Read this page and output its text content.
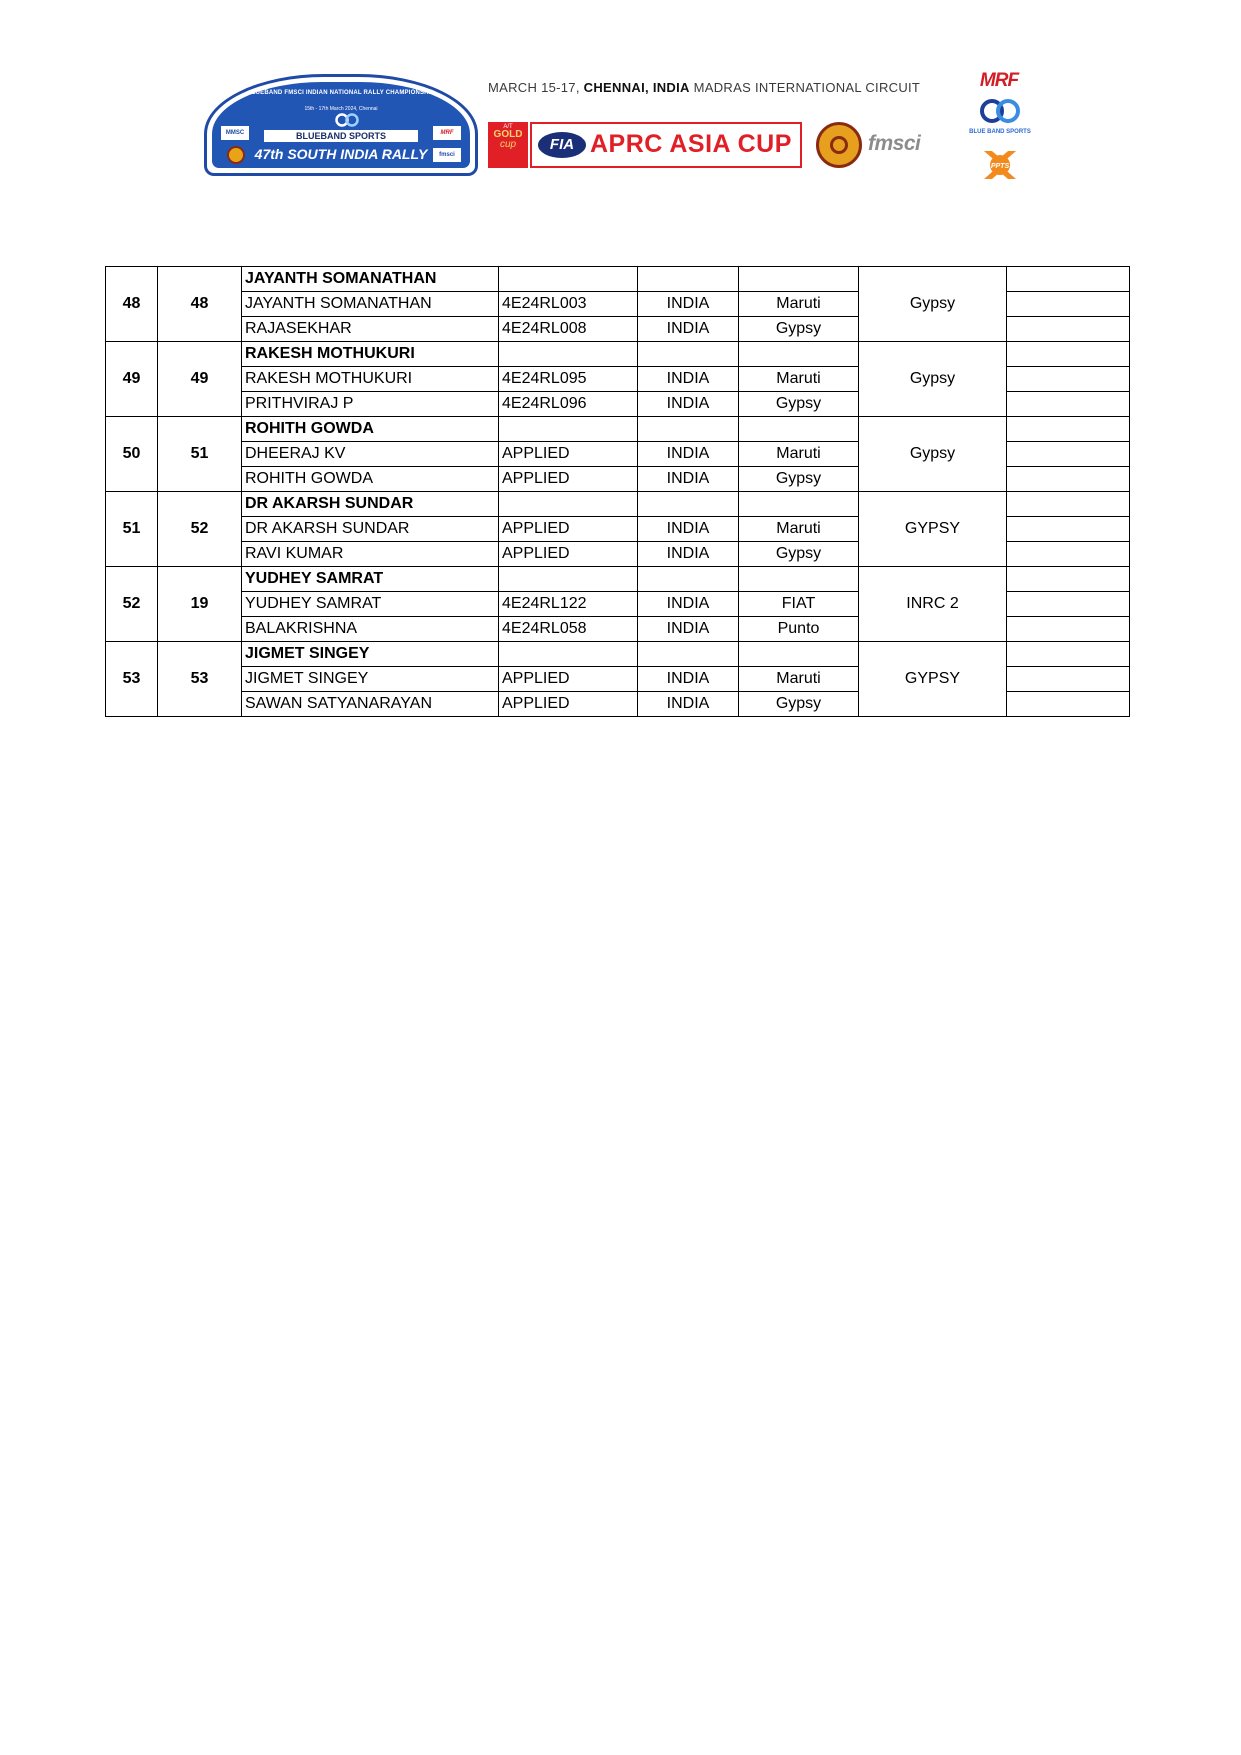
BLUEBAND FMSCI INDIAN NATIONAL RALLY CHAMPIONSHIP
15th - 17th March 2024, Chennai
BLUEBAND SPORTS
47th SOUTH INDIA RALLY
MMSC	MRF
fmsci
MARCH 15-17, CHENNAI, INDIA MADRAS INTERNATIONAL CIRCUIT
A/T
GOLD
cup	FIA APRC ASIA CUP	fmsci
MRF
BLUE BAND SPORTS
PPTS
48	48	JAYANTH SOMANATHAN				Gypsy	
		JAYANTH SOMANATHAN	4E24RL003	INDIA	Maruti		
		RAJASEKHAR	4E24RL008	INDIA	Gypsy		
49	49	RAKESH MOTHUKURI				Gypsy	
		RAKESH MOTHUKURI	4E24RL095	INDIA	Maruti		
		PRITHVIRAJ P	4E24RL096	INDIA	Gypsy		
50	51	ROHITH GOWDA				Gypsy	
		DHEERAJ KV	APPLIED	INDIA	Maruti		
		ROHITH GOWDA	APPLIED	INDIA	Gypsy		
51	52	DR AKARSH SUNDAR				GYPSY	
		DR AKARSH SUNDAR	APPLIED	INDIA	Maruti		
		RAVI KUMAR	APPLIED	INDIA	Gypsy		
52	19	YUDHEY SAMRAT				INRC 2	
		YUDHEY SAMRAT	4E24RL122	INDIA	FIAT		
		BALAKRISHNA	4E24RL058	INDIA	Punto		
53	53	JIGMET SINGEY				GYPSY	
		JIGMET SINGEY	APPLIED	INDIA	Maruti		
		SAWAN SATYANARAYAN	APPLIED	INDIA	Gypsy		
